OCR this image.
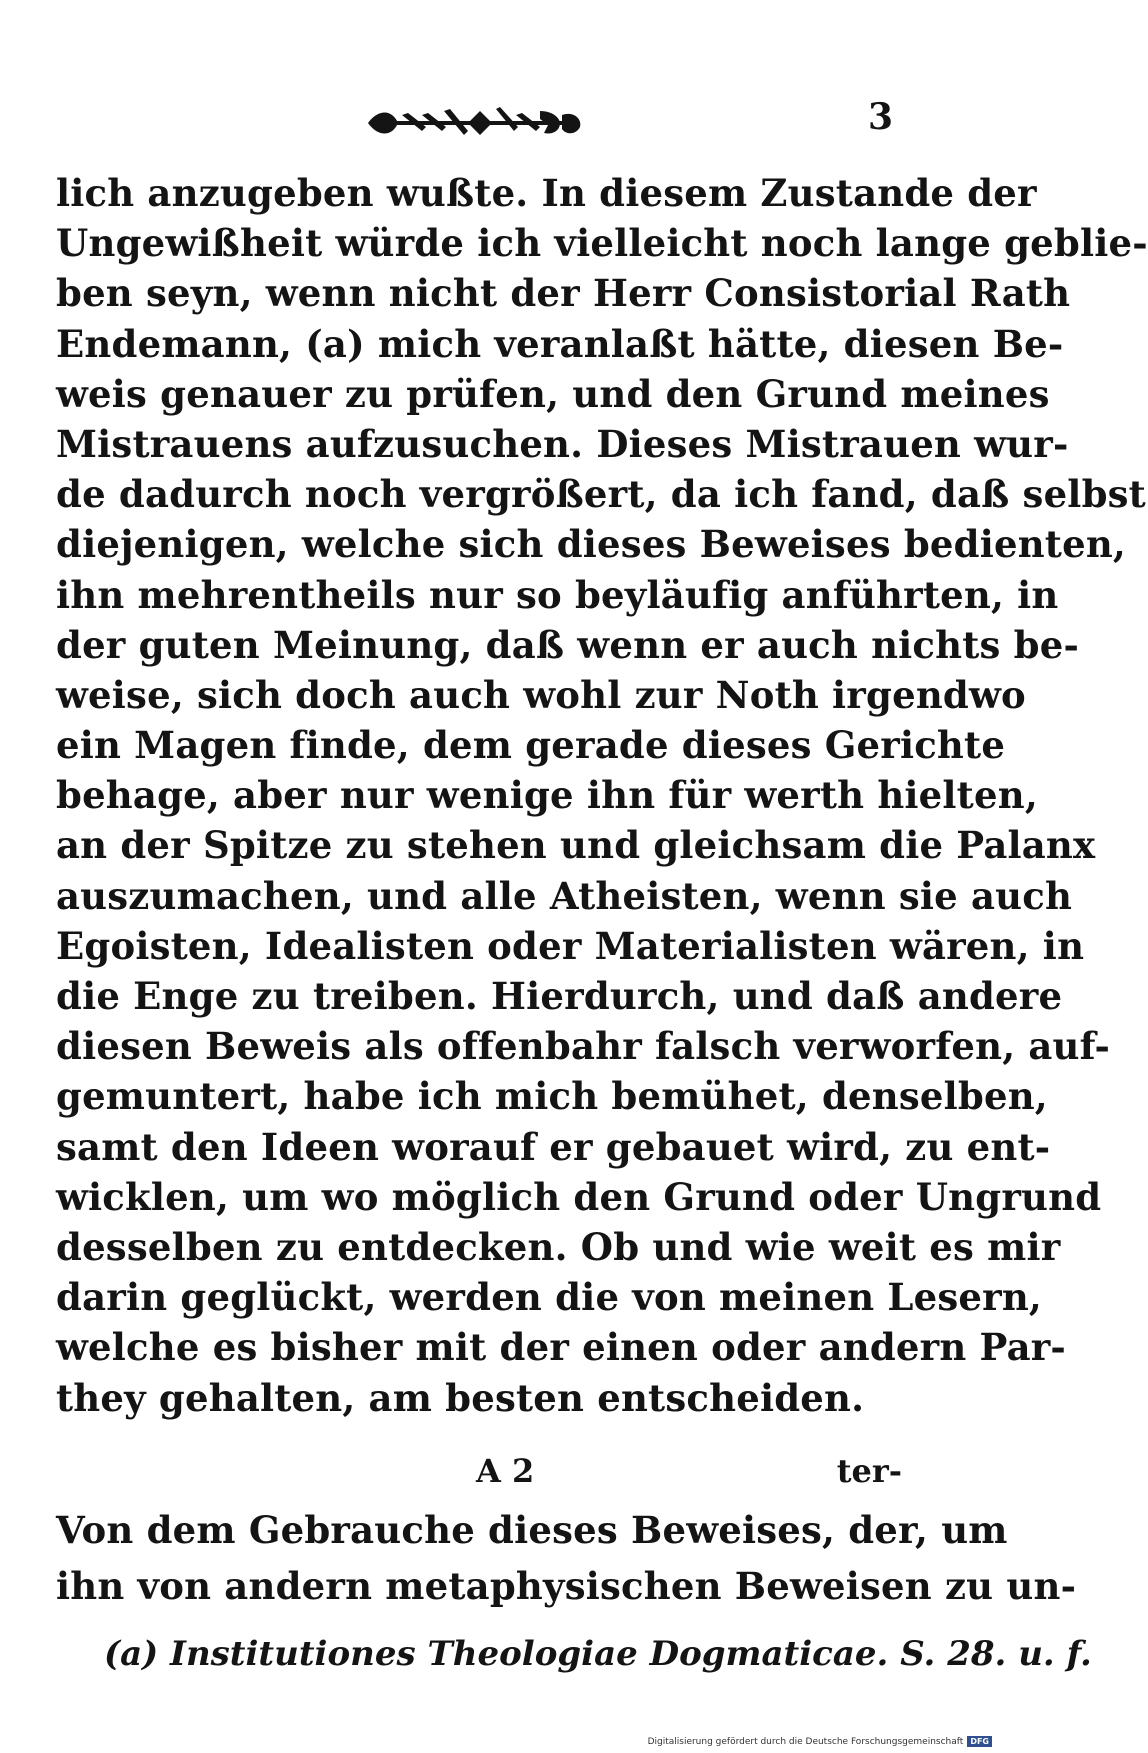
3
lich anzugeben wußte. In diesem Zustande der
Ungewißheit würde ich vielleicht noch lange geblie-
ben seyn, wenn nicht der Herr Consistorial Rath
Endemann, (a) mich veranlaßt hätte, diesen Be-
weis genauer zu prüfen, und den Grund meines
Mistrauens aufzusuchen. Dieses Mistrauen wur-
de dadurch noch vergrößert, da ich fand, daß selbst
diejenigen, welche sich dieses Beweises bedienten,
ihn mehrentheils nur so beyläufig anführten, in
der guten Meinung, daß wenn er auch nichts be-
weise, sich doch auch wohl zur Noth irgendwo
ein Magen finde, dem gerade dieses Gerichte
behage, aber nur wenige ihn für werth hielten,
an der Spitze zu stehen und gleichsam die Palanx
auszumachen, und alle Atheisten, wenn sie auch
Egoisten, Idealisten oder Materialisten wären, in
die Enge zu treiben. Hierdurch, und daß andere
diesen Beweis als offenbahr falsch verworfen, auf-
gemuntert, habe ich mich bemühet, denselben,
samt den Ideen worauf er gebauet wird, zu ent-
wicklen, um wo möglich den Grund oder Ungrund
desselben zu entdecken. Ob und wie weit es mir
darin geglückt, werden die von meinen Lesern,
welche es bisher mit der einen oder andern Par-
they gehalten, am besten entscheiden.
A 2	ter-
Von dem Gebrauche dieses Beweises, der, um
ihn von andern metaphysischen Beweisen zu un-
(a) Institutiones Theologiae Dogmaticae. S. 28. u. f.
Digitalisierung gefördert durch die Deutsche Forschungsgemeinschaft DFG
